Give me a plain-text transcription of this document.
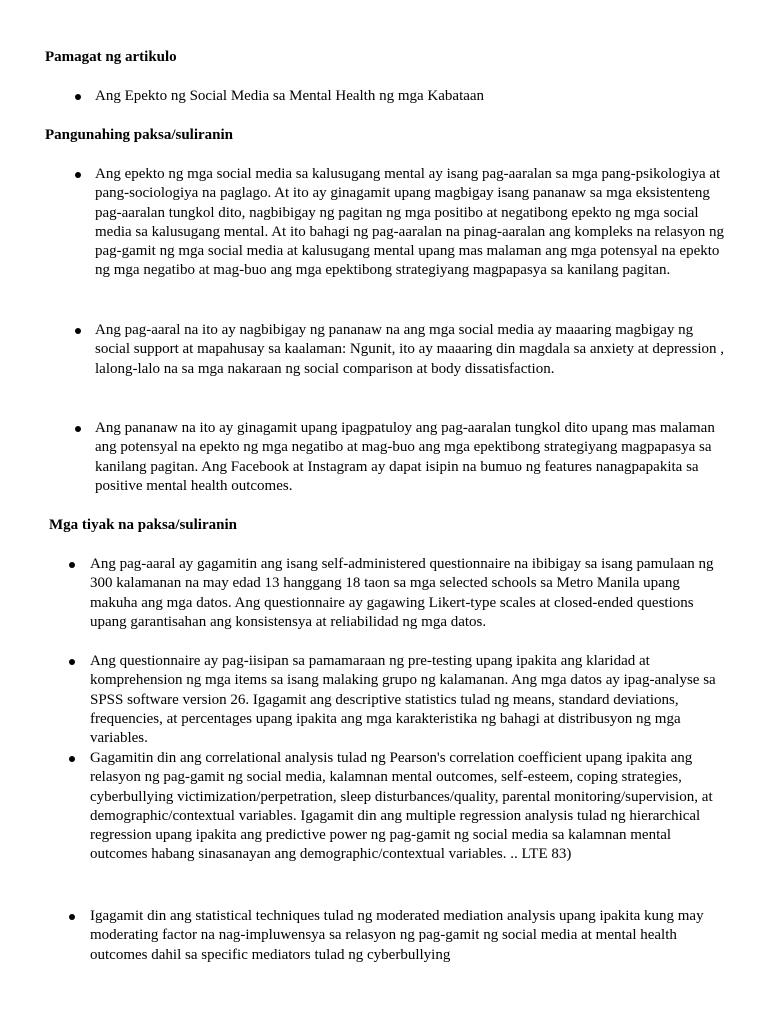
Pamagat ng artikulo

Ang Epekto ng Social Media sa Mental Health ng mga Kabataan

Pangunahing paksa/suliranin

Ang epekto ng mga social media sa kalusugang mental ay isang pag-aaralan sa mga pang-psikologiya at pang-sociologiya na paglago. At ito ay ginagamit upang magbigay isang pananaw sa mga eksistenteng pag-aaralan tungkol dito, nagbibigay ng pagitan ng mga positibo at negatibong epekto ng mga social media sa kalusugang mental. At ito bahagi ng pag-aaralan na pinag-aaralan ang kompleks na relasyon ng pag-gamit ng mga social media at kalusugang mental upang mas malaman ang mga potensyal na epekto ng mga negatibo at mag-buo ang mga epektibong strategiyang magpapasya sa kanilang pagitan.

Ang pag-aaral na ito ay nagbibigay ng pananaw na ang mga social media ay maaaring magbigay ng social support at mapahusay sa kaalaman: Ngunit, ito ay maaaring din magdala sa anxiety at depression , lalong-lalo na sa mga nakaraan ng social comparison at body dissatisfaction.

Ang pananaw na ito ay ginagamit upang ipagpatuloy ang pag-aaralan tungkol dito upang mas malaman ang potensyal na epekto ng mga negatibo at mag-buo ang mga epektibong strategiyang magpapasya sa kanilang pagitan. Ang Facebook at Instagram ay dapat isipin na bumuo ng features nanagpapakita sa positive mental health outcomes.

Mga tiyak na paksa/suliranin

Ang pag-aaral ay gagamitin ang isang self-administered questionnaire na ibibigay sa isang pamulaan ng 300 kalamanan na may edad 13 hanggang 18 taon sa mga selected schools sa Metro Manila upang makuha ang mga datos. Ang questionnaire ay gagawing Likert-type scales at closed-ended questions upang garantisahan ang konsistensya at reliabilidad ng mga datos.

Ang questionnaire ay pag-iisipan sa pamamaraan ng pre-testing upang ipakita ang klaridad at komprehension ng mga items sa isang malaking grupo ng kalamanan. Ang mga datos ay ipag-analyse sa SPSS software version 26. Igagamit ang descriptive statistics tulad ng means, standard deviations, frequencies, at percentages upang ipakita ang mga karakteristika ng bahagi at distribusyon ng mga variables.

Gagamitin din ang correlational analysis tulad ng Pearson's correlation coefficient upang ipakita ang relasyon ng pag-gamit ng social media, kalamnan mental outcomes, self-esteem, coping strategies, cyberbullying victimization/perpetration, sleep disturbances/quality, parental monitoring/supervision, at demographic/contextual variables. Igagamit din ang multiple regression analysis tulad ng hierarchical regression upang ipakita ang predictive power ng pag-gamit ng social media sa kalamnan mental outcomes habang sinasanayan ang demographic/contextual variables. .. LTE 83)

Igagamit din ang statistical techniques tulad ng moderated mediation analysis upang ipakita kung may moderating factor na nag-impluwensya sa relasyon ng pag-gamit ng social media at mental health outcomes dahil sa specific mediators tulad ng cyberbullying
